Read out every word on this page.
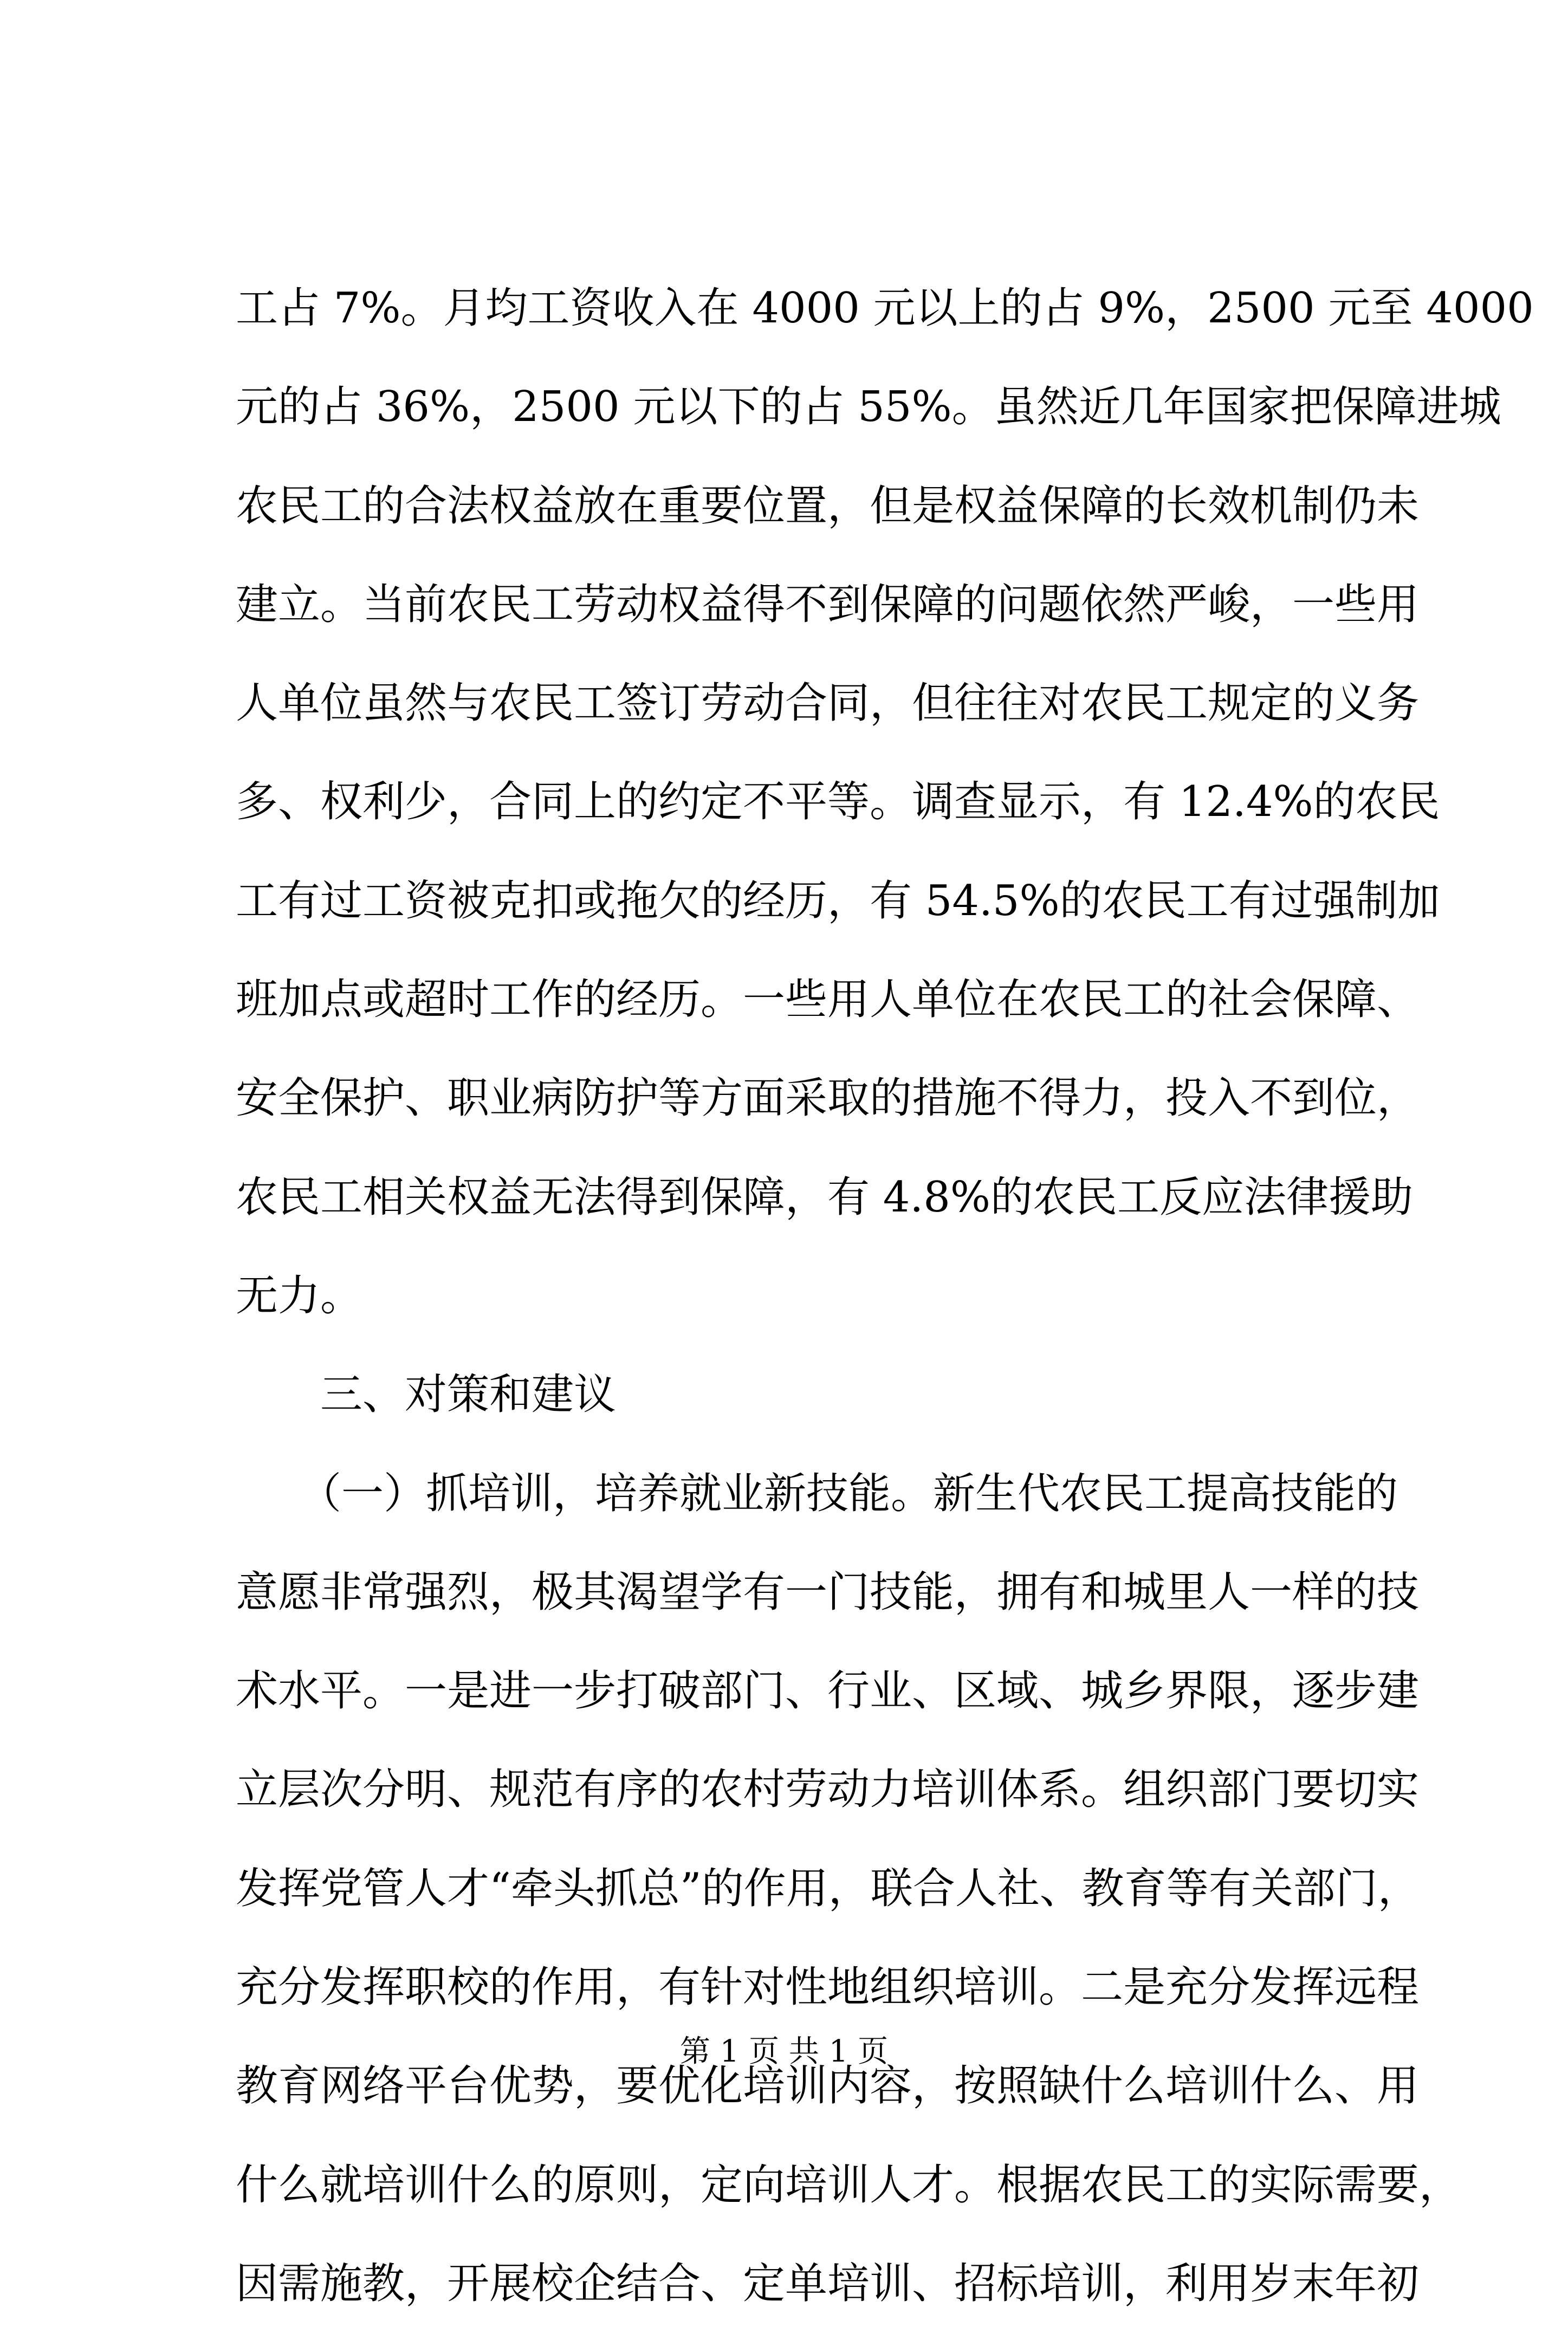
工占 7%。月均工资收入在 4000 元以上的占 9%，2500 元至 4000
元的占 36%，2500 元以下的占 55%。虽然近几年国家把保障进城
农民工的合法权益放在重要位置，但是权益保障的长效机制仍未
建立。当前农民工劳动权益得不到保障的问题依然严峻，一些用
人单位虽然与农民工签订劳动合同，但往往对农民工规定的义务
多、权利少，合同上的约定不平等。调查显示，有 12.4%的农民
工有过工资被克扣或拖欠的经历，有 54.5%的农民工有过强制加
班加点或超时工作的经历。一些用人单位在农民工的社会保障、
安全保护、职业病防护等方面采取的措施不得力，投入不到位，
农民工相关权益无法得到保障，有 4.8%的农民工反应法律援助
无力。
　　三、对策和建议
　　（一）抓培训，培养就业新技能。新生代农民工提高技能的
意愿非常强烈，极其渴望学有一门技能，拥有和城里人一样的技
术水平。一是进一步打破部门、行业、区域、城乡界限，逐步建
立层次分明、规范有序的农村劳动力培训体系。组织部门要切实
发挥党管人才“牵头抓总”的作用，联合人社、教育等有关部门，
充分发挥职校的作用，有针对性地组织培训。二是充分发挥远程
教育网络平台优势，要优化培训内容，按照缺什么培训什么、用
什么就培训什么的原则，定向培训人才。根据农民工的实际需要，
因需施教，开展校企结合、定单培训、招标培训，利用岁末年初
第 1 页 共 1 页
